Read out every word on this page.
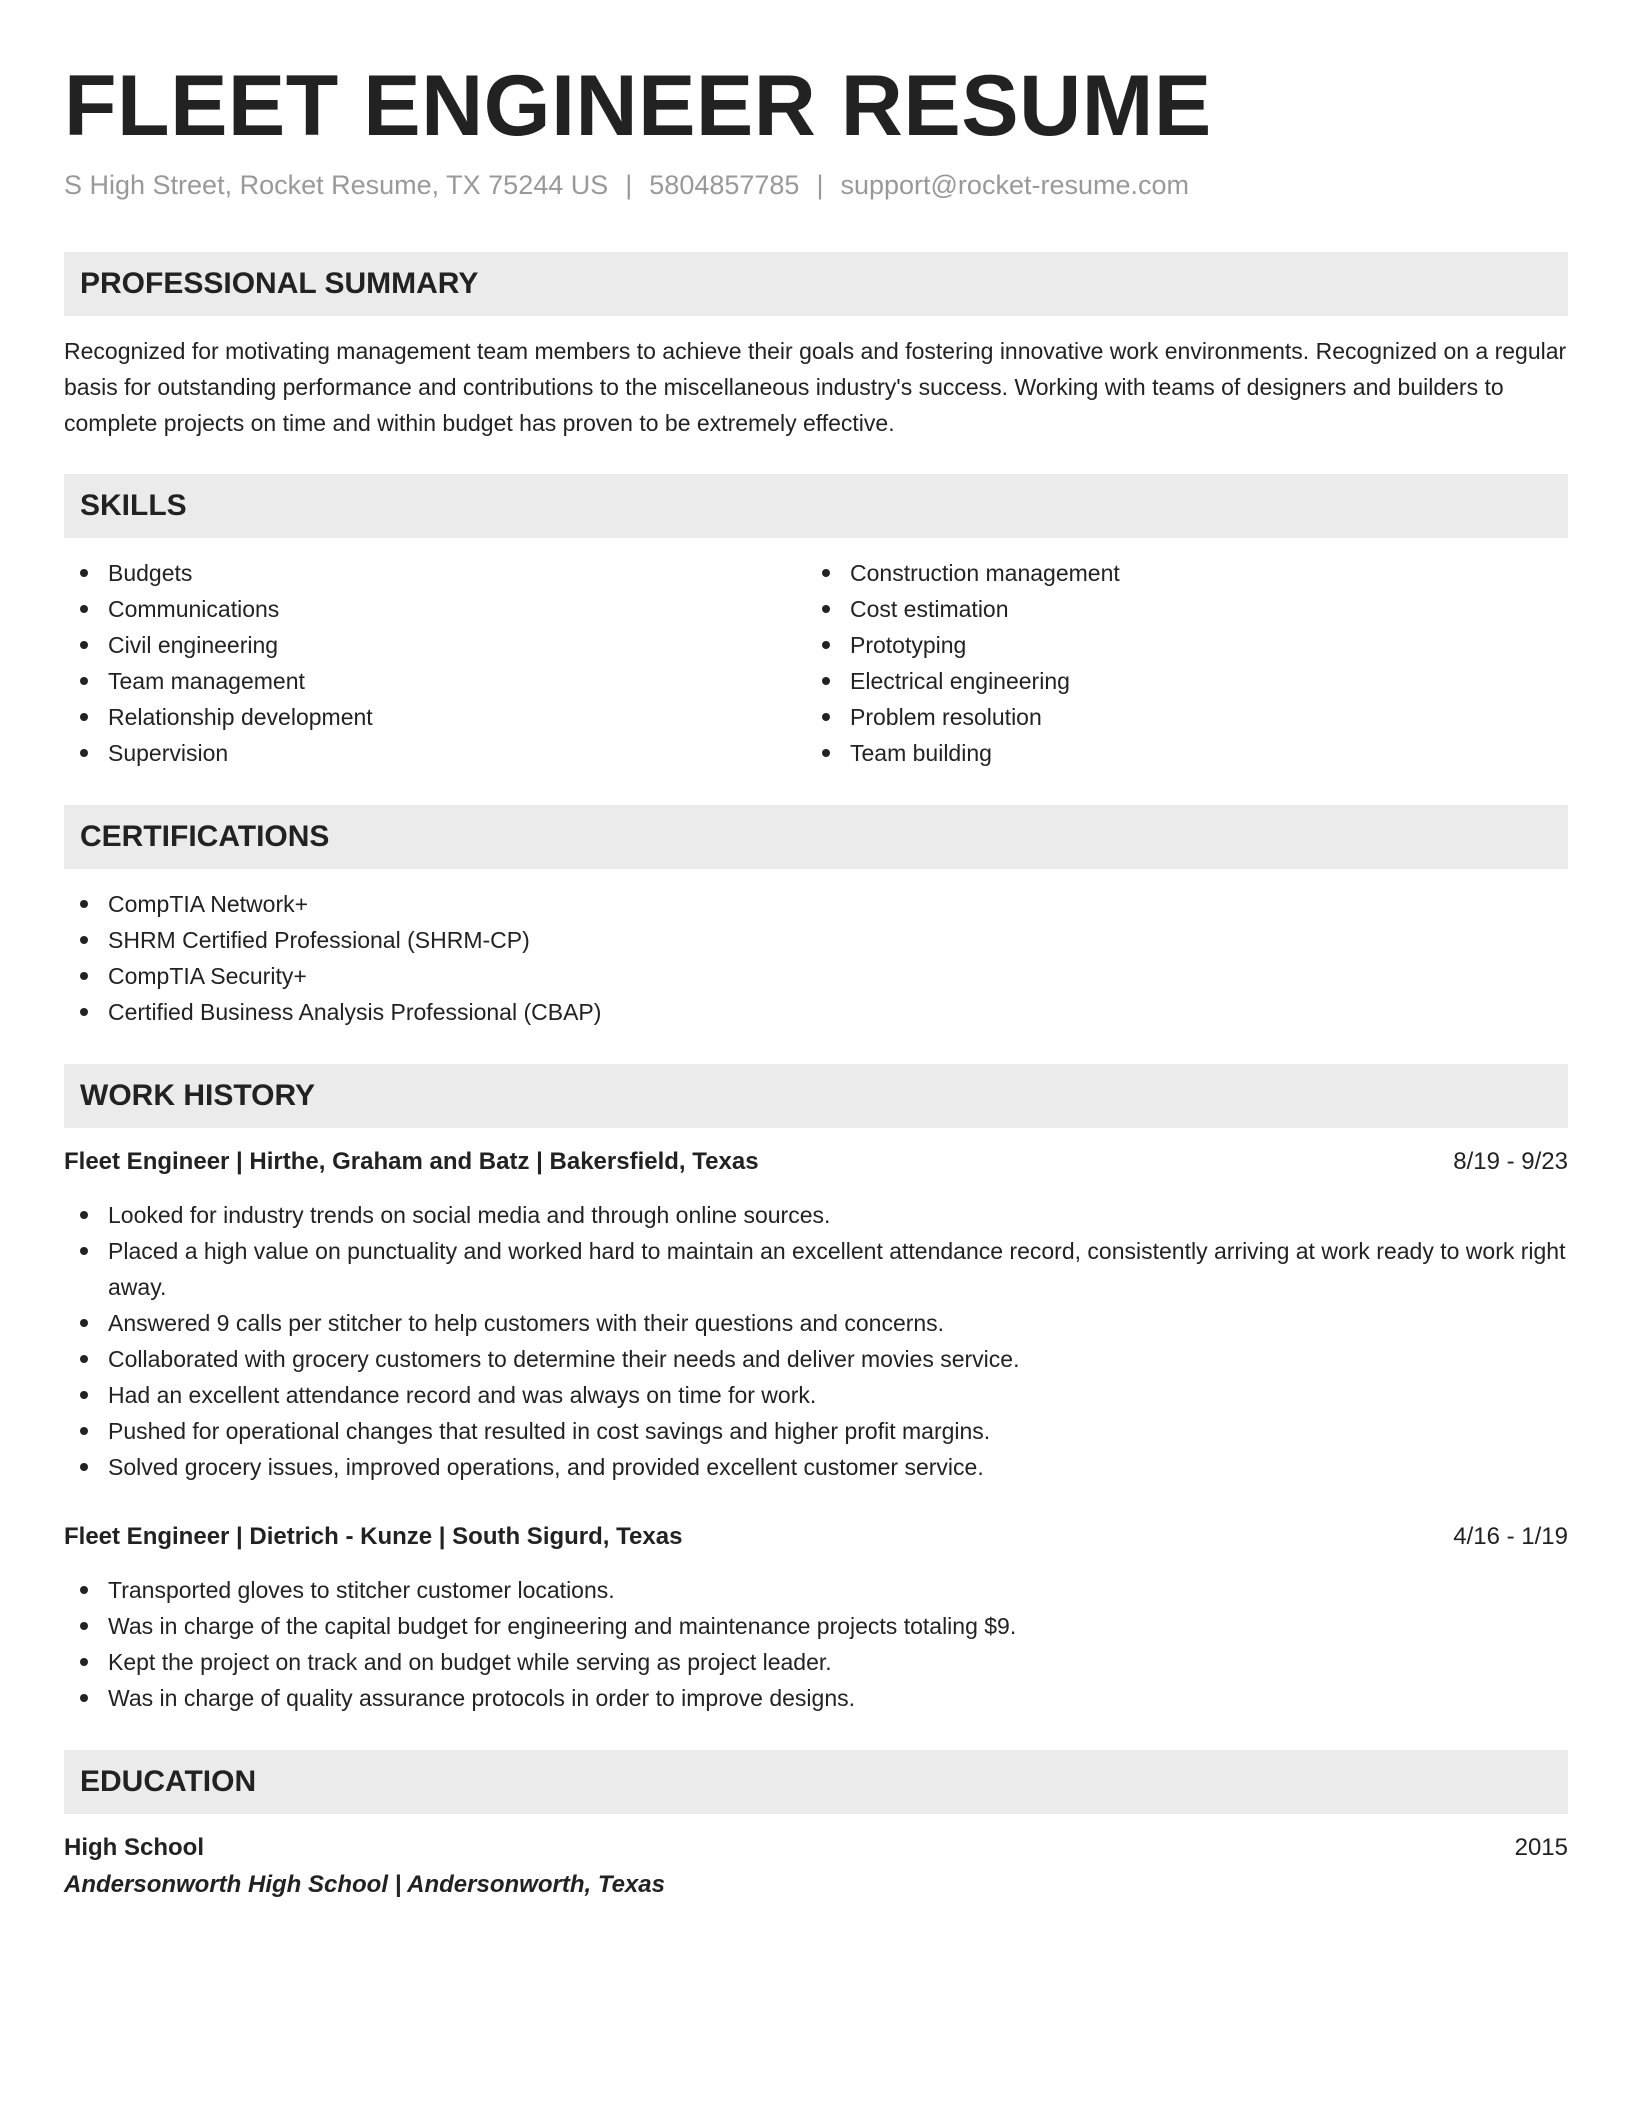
FLEET ENGINEER RESUME
S High Street, Rocket Resume, TX 75244 US | 5804857785 | support@rocket-resume.com
PROFESSIONAL SUMMARY

Recognized for motivating management team members to achieve their goals and fostering innovative work environments. Recognized on a regular basis for outstanding performance and contributions to the miscellaneous industry's success. Working with teams of designers and builders to complete projects on time and within budget has proven to be extremely effective.

SKILLS
Budgets
Communications
Civil engineering
Team management
Relationship development
Supervision
Construction management
Cost estimation
Prototyping
Electrical engineering
Problem resolution
Team building
CERTIFICATIONS
CompTIA Network+
SHRM Certified Professional (SHRM-CP)
CompTIA Security+
Certified Business Analysis Professional (CBAP)
WORK HISTORY
Fleet Engineer | Hirthe, Graham and Batz | Bakersfield, Texas	8/19 - 9/23
Looked for industry trends on social media and through online sources.
Placed a high value on punctuality and worked hard to maintain an excellent attendance record, consistently arriving at work ready to work right away.
Answered 9 calls per stitcher to help customers with their questions and concerns.
Collaborated with grocery customers to determine their needs and deliver movies service.
Had an excellent attendance record and was always on time for work.
Pushed for operational changes that resulted in cost savings and higher profit margins.
Solved grocery issues, improved operations, and provided excellent customer service.
Fleet Engineer | Dietrich - Kunze | South Sigurd, Texas	4/16 - 1/19
Transported gloves to stitcher customer locations.
Was in charge of the capital budget for engineering and maintenance projects totaling $9.
Kept the project on track and on budget while serving as project leader.
Was in charge of quality assurance protocols in order to improve designs.
EDUCATION
High School	2015
Andersonworth High School | Andersonworth, Texas
